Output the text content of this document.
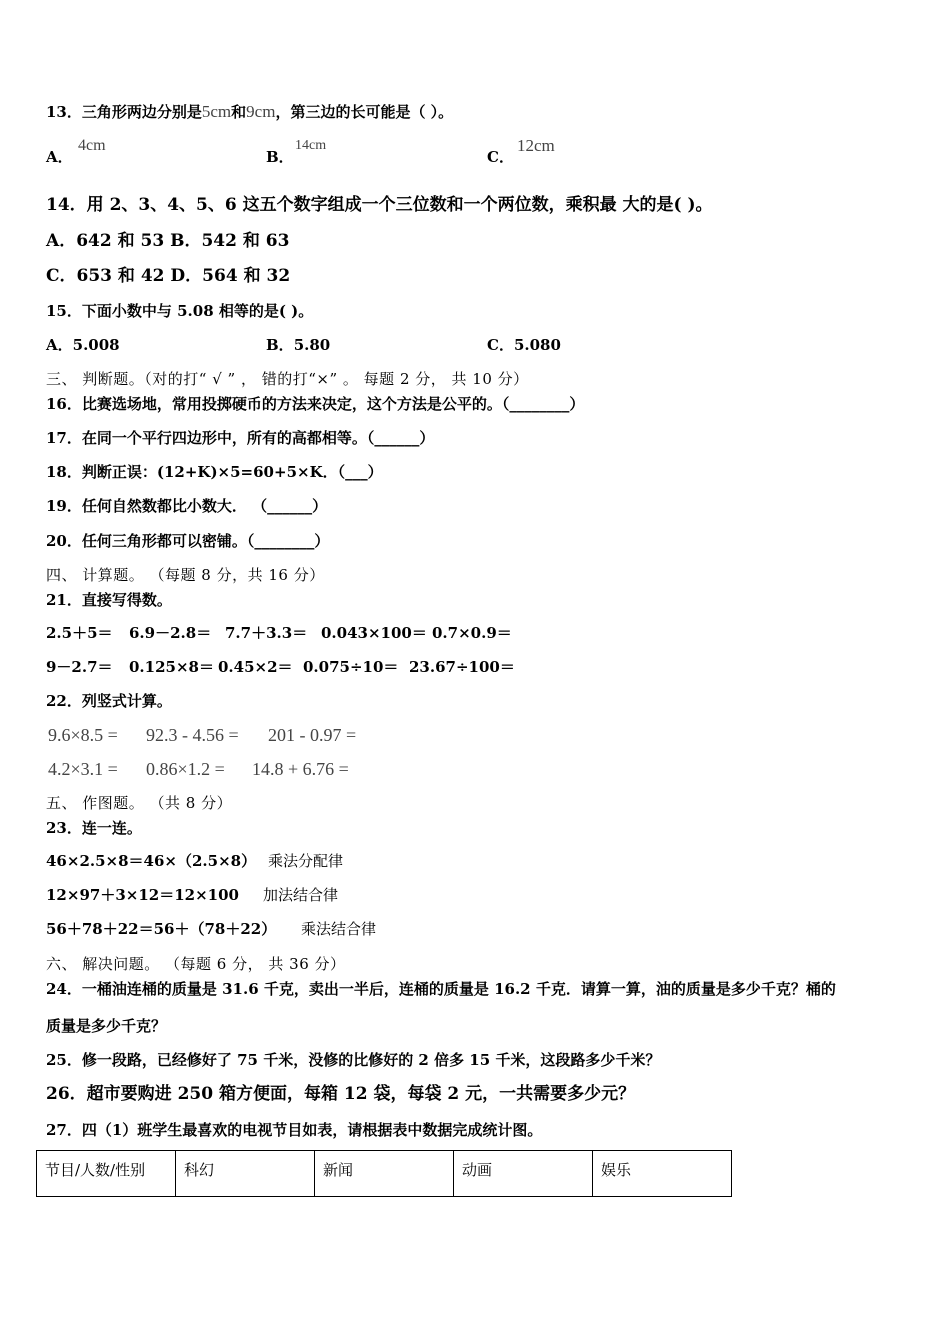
13．三角形两边分别是5cm和9cm，第三边的长可能是（ ）。
A．
4cm
B．
14cm
C．
12cm
14．用 2、3、4、5、6 这五个数字组成一个三位数和一个两位数，乘积最 大的是( )。
A．642 和 53 B．542 和 63
C．653 和 42 D．564 和 32
15．下面小数中与 5.08 相等的是( )。
A．5.008	B．5.80	C．5.080
三、 判断题。（对的打“ √ ” ， 错的打“×” 。 每题 2 分， 共 10 分）
16．比赛选场地，常用投掷硬币的方法来决定，这个方法是公平的。（________）
17．在同一个平行四边形中，所有的高都相等。（______）
18．判断正误：(12+K)×5=60+5×K．（___）
19．任何自然数都比小数大． （______）
20．任何三角形都可以密铺。（________）
四、 计算题。 （每题 8 分，共 16 分）
21．直接写得数。
2.5＋5＝ 6.9－2.8＝ 7.7＋3.3＝ 0.043×100＝ 0.7×0.9＝
9－2.7＝ 0.125×8＝ 0.45×2＝ 0.075÷10＝ 23.67÷100＝
22．列竖式计算。
9.6×8.5 = 92.3 - 4.56 = 201 - 0.97 =
4.2×3.1 = 0.86×1.2 = 14.8 + 6.76 =
五、 作图题。 （共 8 分）
23．连一连。
46×2.5×8＝46×（2.5×8） 乘法分配律
12×97＋3×12＝12×100 加法结合律
56＋78＋22＝56＋（78＋22） 乘法结合律
六、 解决问题。 （每题 6 分， 共 36 分）
24．一桶油连桶的质量是 31.6 千克，卖出一半后，连桶的质量是 16.2 千克．请算一算，油的质量是多少千克？桶的
质量是多少千克？
25．修一段路，已经修好了 75 千米，没修的比修好的 2 倍多 15 千米，这段路多少千米？
26．超市要购进 250 箱方便面，每箱 12 袋，每袋 2 元，一共需要多少元？
27．四（1）班学生最喜欢的电视节目如表，请根据表中数据完成统计图。
节目/人数/性别	科幻	新闻	动画	娱乐
